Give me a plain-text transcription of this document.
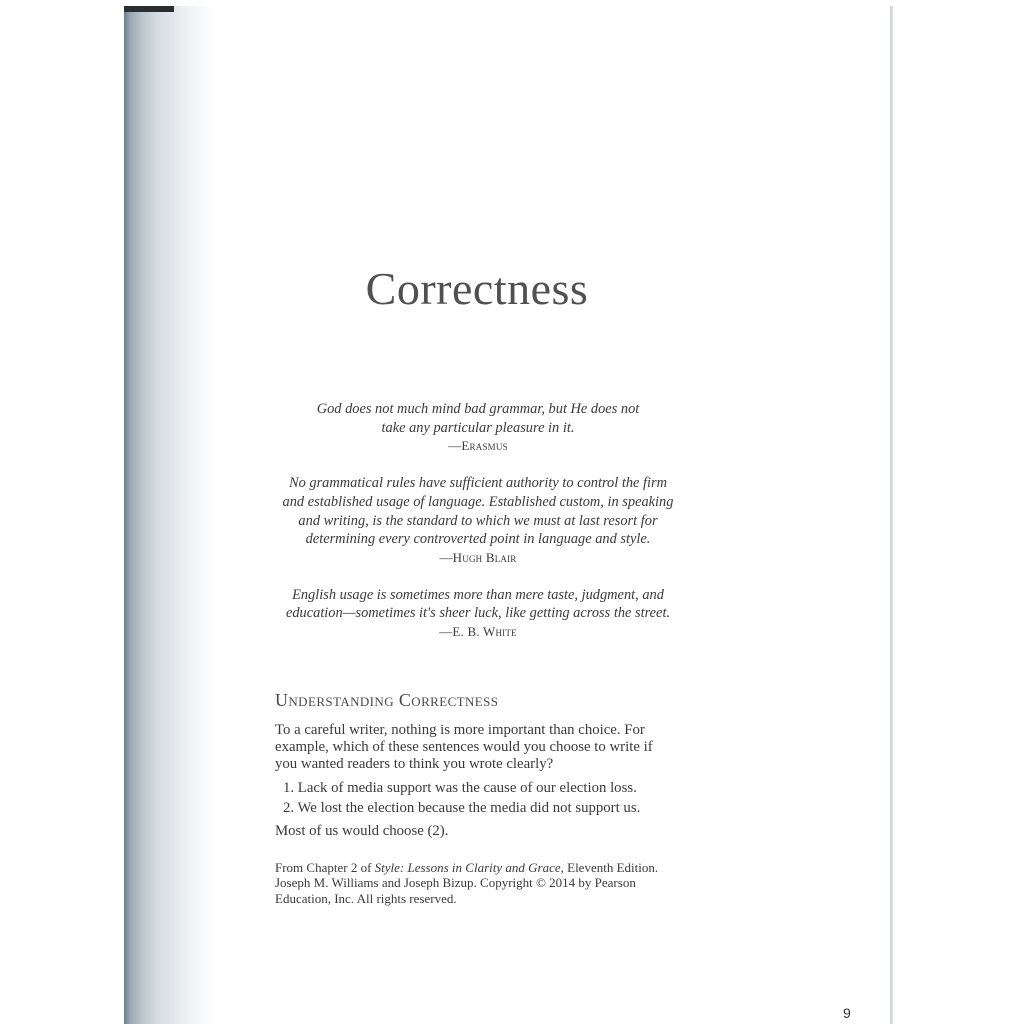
Correctness
God does not much mind bad grammar, but He does not
take any particular pleasure in it.
—Erasmus
No grammatical rules have sufficient authority to control the firm
and established usage of language. Established custom, in speaking
and writing, is the standard to which we must at last resort for
determining every controverted point in language and style.
—Hugh Blair
English usage is sometimes more than mere taste, judgment, and
education—sometimes it's sheer luck, like getting across the street.
—E. B. White
Understanding Correctness

To a careful writer, nothing is more important than choice. For
example, which of these sentences would you choose to write if
you wanted readers to think you wrote clearly?

1. Lack of media support was the cause of our election loss.
2. We lost the election because the media did not support us.

Most of us would choose (2).

From Chapter 2 of Style: Lessons in Clarity and Grace, Eleventh Edition.
Joseph M. Williams and Joseph Bizup. Copyright © 2014 by Pearson
Education, Inc. All rights reserved.

9
